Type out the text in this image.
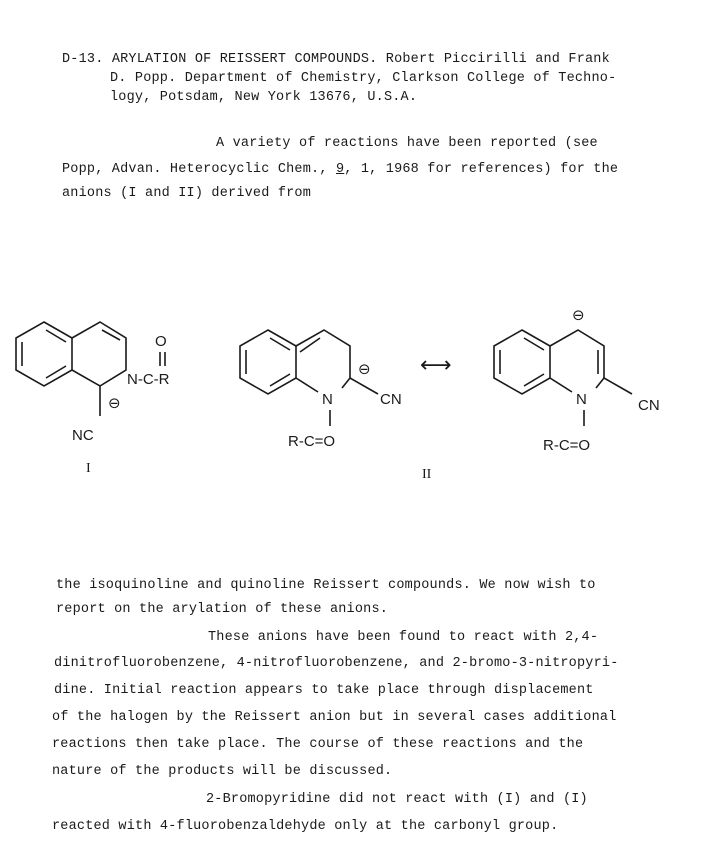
D-13. ARYLATION OF REISSERT COMPOUNDS. Robert Piccirilli and Frank
D. Popp. Department of Chemistry, Clarkson College of Techno-
logy, Potsdam, New York 13676, U.S.A.
A variety of reactions have been reported (see
Popp, Advan. Heterocyclic Chem., 9, 1, 1968 for references) for the
anions (I and II) derived from
O
N-C-R
⊖
NC
I
N
⊖
CN
R-C=O
⟷
N
⊖
CN
R-C=O
II
the isoquinoline and quinoline Reissert compounds. We now wish to
report on the arylation of these anions.
These anions have been found to react with 2,4-
dinitrofluorobenzene, 4-nitrofluorobenzene, and 2-bromo-3-nitropyri-
dine. Initial reaction appears to take place through displacement
of the halogen by the Reissert anion but in several cases additional
reactions then take place. The course of these reactions and the
nature of the products will be discussed.
2-Bromopyridine did not react with (I) and (I)
reacted with 4-fluorobenzaldehyde only at the carbonyl group.
